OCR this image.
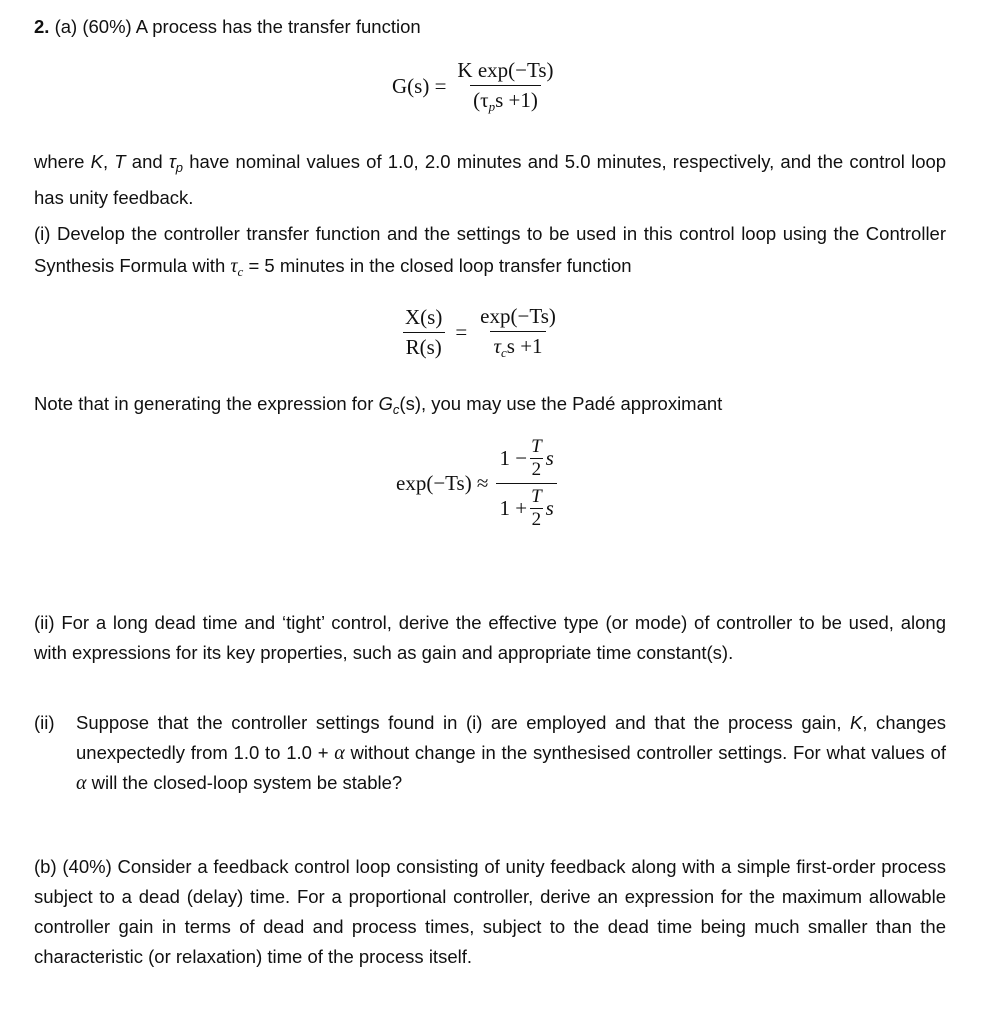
2. (a) (60%) A process has the transfer function
$G(s) = \frac{\text{K exp(−Ts)}}{(\tau_ps +1)}$
where K, T and $\tau_p$ have nominal values of 1.0, 2.0 minutes and 5.0 minutes, respectively, and the control loop has unity feedback.
(i) Develop the controller transfer function and the settings to be used in this control loop using the Controller Synthesis Formula with $\tau_c = 5$ minutes in the closed loop transfer function
$\frac{X(s)}{R(s)} = \frac{\exp(-Ts)}{\tau_cs +1}$
Note that in generating the expression for $G_c(s)$, you may use the Padé approximant
$\exp(-Ts) \approx \frac{1 - \frac{T}{2} s}{1 + \frac{T}{2} s}$
(ii) For a long dead time and ‘tight’ control, derive the effective type (or mode) of controller to be used, along with expressions for its key properties, such as gain and appropriate time constant(s).
(ii) Suppose that the controller settings found in (i) are employed and that the process gain, K, changes unexpectedly from 1.0 to 1.0 + α without change in the synthesised controller settings. For what values of α will the closed-loop system be stable?
(b) (40%) Consider a feedback control loop consisting of unity feedback along with a simple first-order process subject to a dead (delay) time. For a proportional controller, derive an expression for the maximum allowable controller gain in terms of dead and process times, subject to the dead time being much smaller than the characteristic (or relaxation) time of the process itself.
